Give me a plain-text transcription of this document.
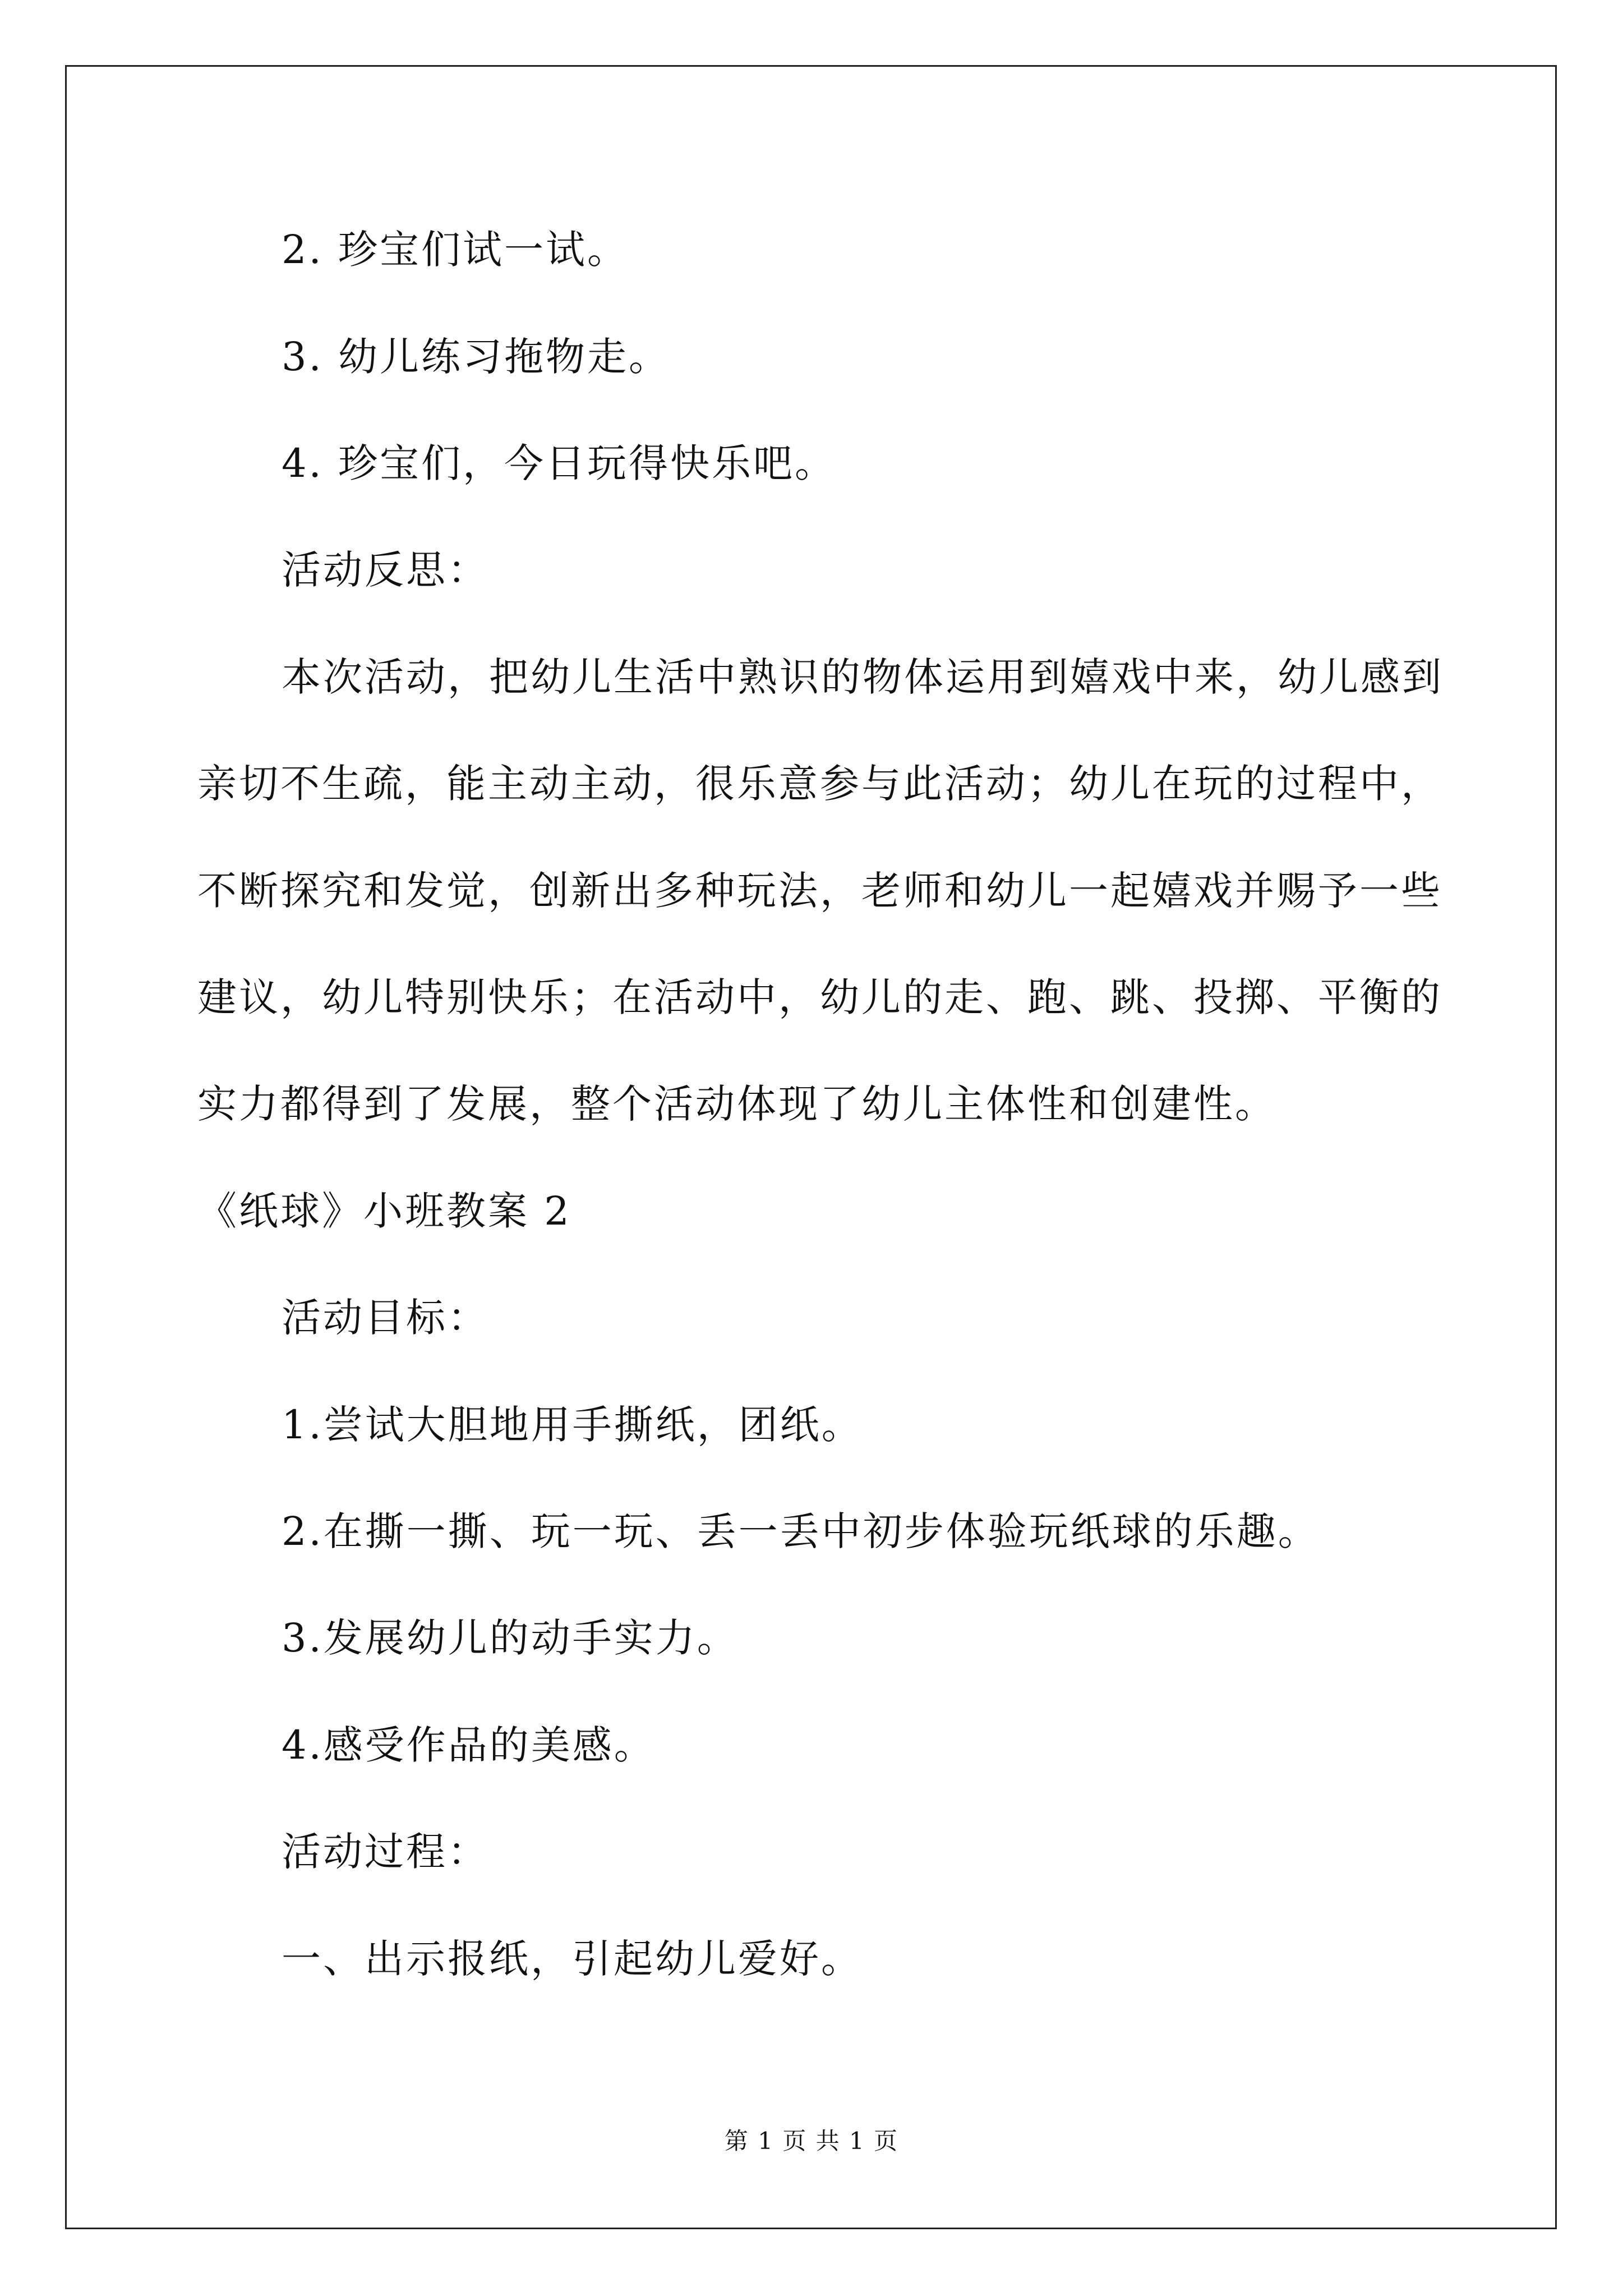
2. 珍宝们试一试。
3. 幼儿练习拖物走。
4. 珍宝们，今日玩得快乐吧。
活动反思：
本次活动，把幼儿生活中熟识的物体运用到嬉戏中来，幼儿感到
亲切不生疏，能主动主动，很乐意参与此活动；幼儿在玩的过程中，
不断探究和发觉，创新出多种玩法，老师和幼儿一起嬉戏并赐予一些
建议，幼儿特别快乐；在活动中，幼儿的走、跑、跳、投掷、平衡的
实力都得到了发展，整个活动体现了幼儿主体性和创建性。
《纸球》小班教案 2
活动目标：
1.尝试大胆地用手撕纸，团纸。
2.在撕一撕、玩一玩、丢一丢中初步体验玩纸球的乐趣。
3.发展幼儿的动手实力。
4.感受作品的美感。
活动过程：
一、出示报纸，引起幼儿爱好。
第 1 页 共 1 页
